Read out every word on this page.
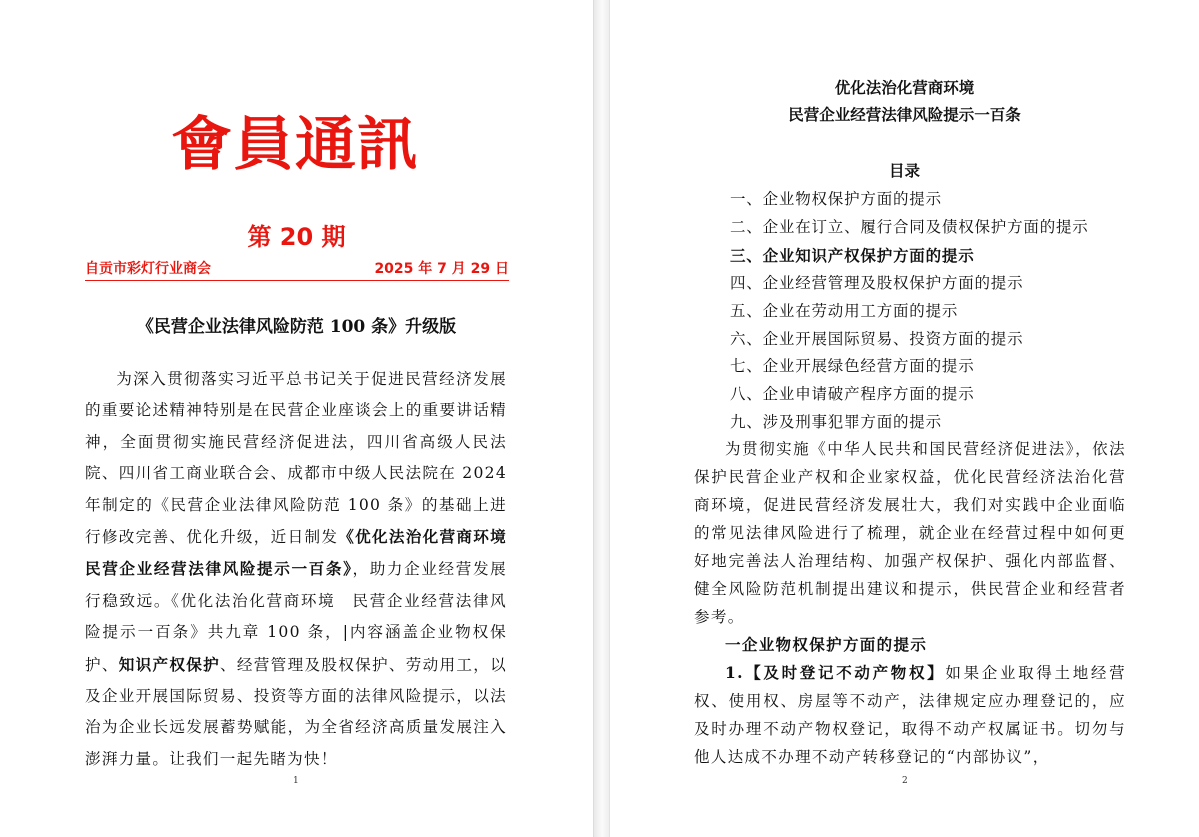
會員通訊
第 20 期
自贡市彩灯行业商会	2025 年 7 月 29 日
《民营企业法律风险防范 100 条》升级版

为深入贯彻落实习近平总书记关于促进民营经济发展的重要论述精神特别是在民营企业座谈会上的重要讲话精神，全面贯彻实施民营经济促进法，四川省高级人民法院、四川省工商业联合会、成都市中级人民法院在 2024 年制定的《民营企业法律风险防范 100 条》的基础上进行修改完善、优化升级，近日制发《优化法治化营商环境　民营企业经营法律风险提示一百条》，助力企业经营发展行稳致远。《优化法治化营商环境　民营企业经营法律风险提示一百条》共九章 100 条，|内容涵盖企业物权保护、知识产权保护、经营管理及股权保护、劳动用工，以及企业开展国际贸易、投资等方面的法律风险提示，以法治为企业长远发展蓄势赋能，为全省经济高质量发展注入澎湃力量。让我们一起先睹为快！

1
优化法治化营商环境
民营企业经营法律风险提示一百条
目录
一、企业物权保护方面的提示
二、企业在订立、履行合同及债权保护方面的提示
三、企业知识产权保护方面的提示
四、企业经营管理及股权保护方面的提示
五、企业在劳动用工方面的提示
六、企业开展国际贸易、投资方面的提示
七、企业开展绿色经营方面的提示
八、企业申请破产程序方面的提示
九、涉及刑事犯罪方面的提示

为贯彻实施《中华人民共和国民营经济促进法》，依法保护民营企业产权和企业家权益，优化民营经济法治化营商环境，促进民营经济发展壮大，我们对实践中企业面临的常见法律风险进行了梳理，就企业在经营过程中如何更好地完善法人治理结构、加强产权保护、强化内部监督、健全风险防范机制提出建议和提示，供民营企业和经营者参考。

一企业物权保护方面的提示

1.【及时登记不动产物权】如果企业取得土地经营权、使用权、房屋等不动产，法律规定应办理登记的，应及时办理不动产物权登记，取得不动产权属证书。切勿与他人达成不办理不动产转移登记的“内部协议”，

2
